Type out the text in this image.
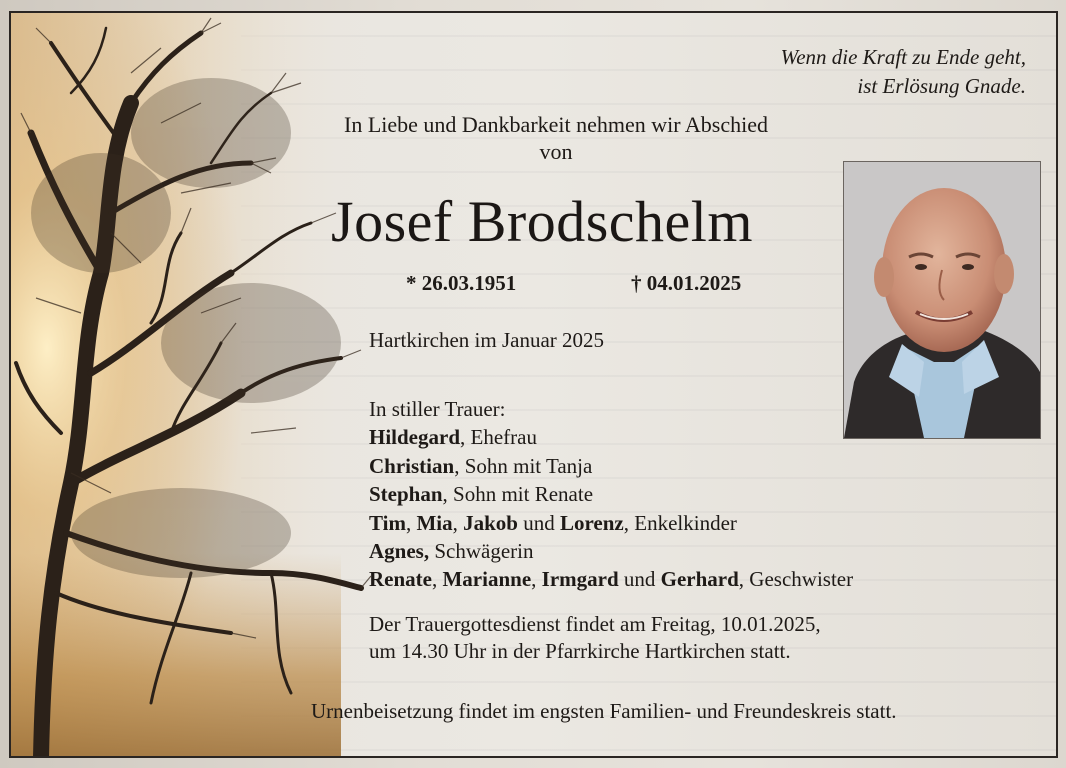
Wenn die Kraft zu Ende geht,
ist Erlösung Gnade.
In Liebe und Dankbarkeit nehmen wir Abschied
von
Josef Brodschelm
* 26.03.1951	† 04.01.2025
Hartkirchen im Januar 2025
In stiller Trauer:
Hildegard, Ehefrau
Christian, Sohn mit Tanja
Stephan, Sohn mit Renate
Tim, Mia, Jakob und Lorenz, Enkelkinder
Agnes, Schwägerin
Renate, Marianne, Irmgard und Gerhard, Geschwister
Der Trauergottesdienst findet am Freitag, 10.01.2025,
um 14.30 Uhr in der Pfarrkirche Hartkirchen statt.
Urnenbeisetzung findet im engsten Familien- und Freundeskreis statt.
